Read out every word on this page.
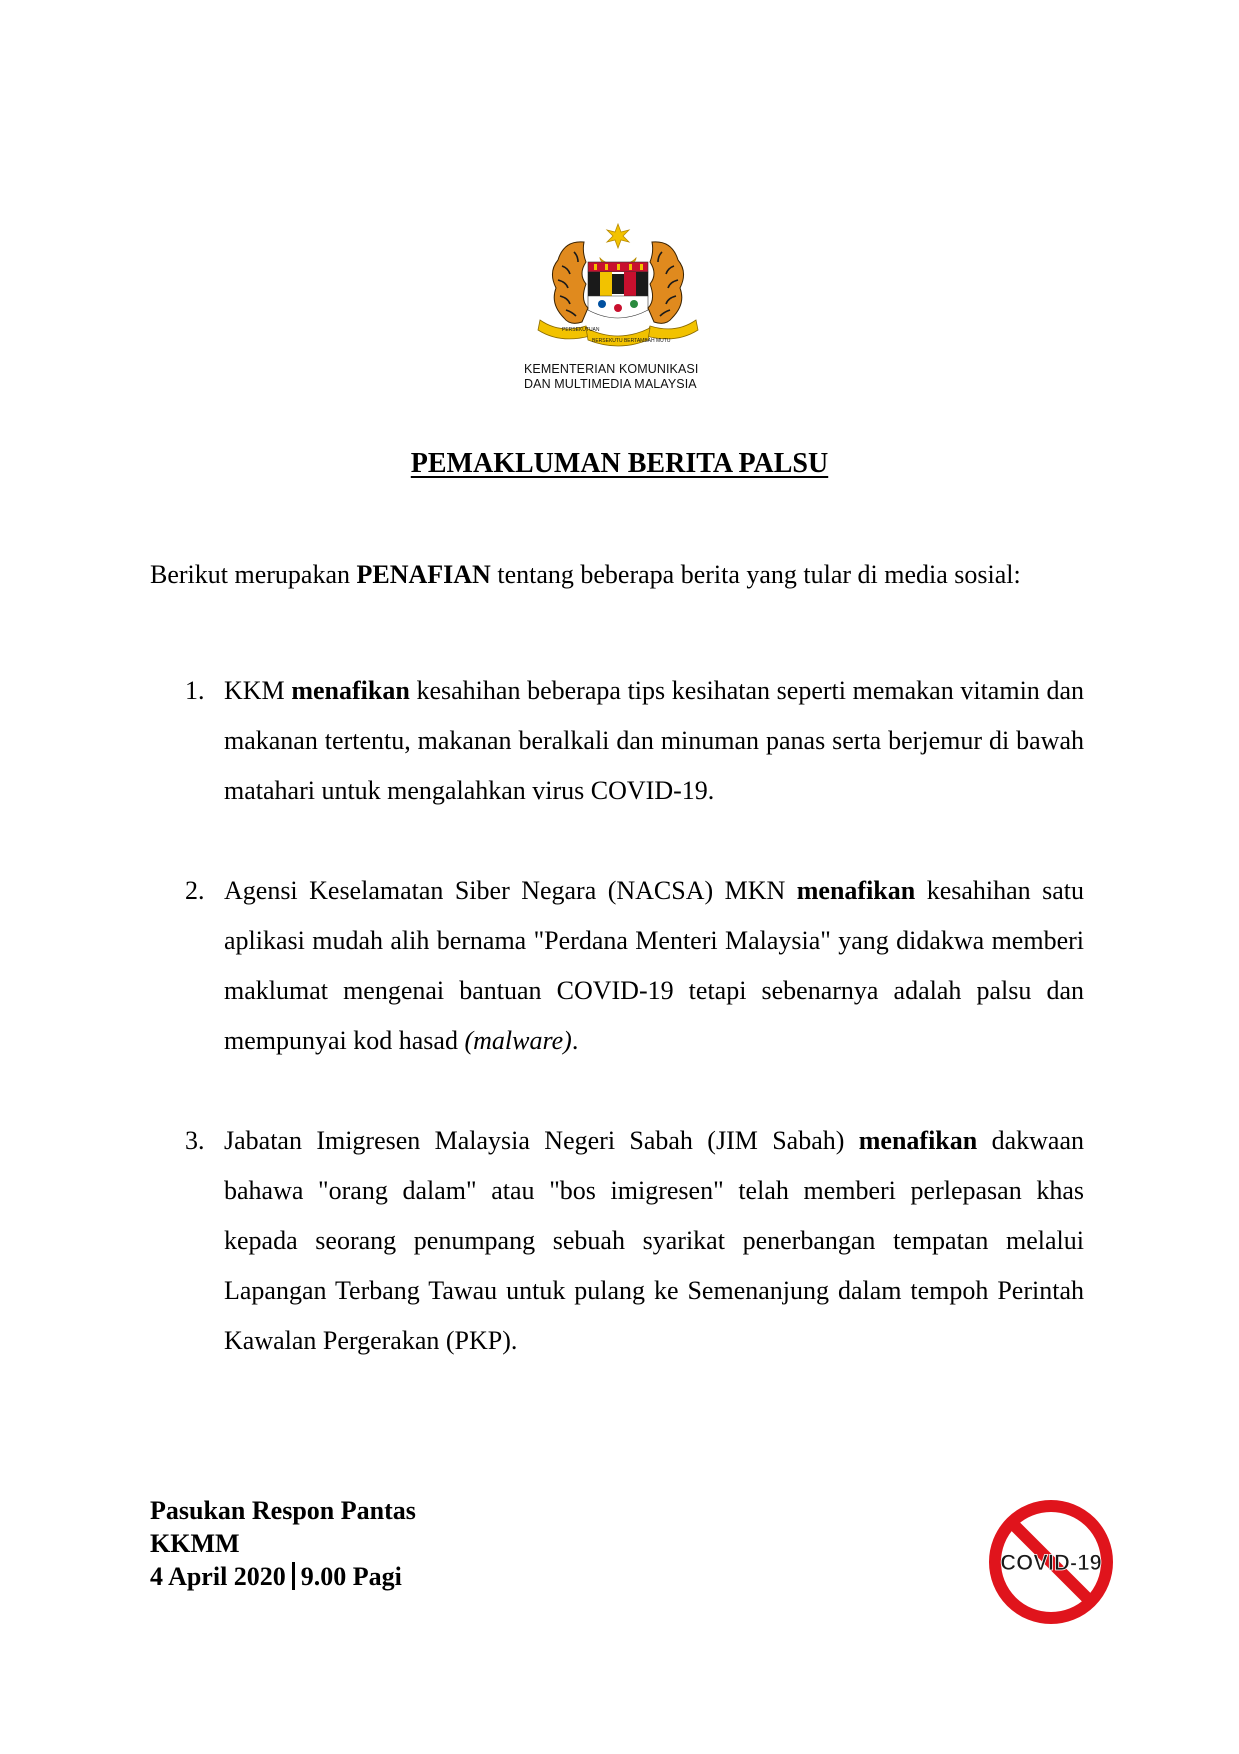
PERSEKUTUAN
BERSEKUTU BERTAMBAH MUTU
KEMENTERIAN KOMUNIKASI
DAN MULTIMEDIA MALAYSIA
PEMAKLUMAN BERITA PALSU
Berikut merupakan PENAFIAN tentang beberapa berita yang tular di media sosial:
1. KKM menafikan kesahihan beberapa tips kesihatan seperti memakan vitamin dan makanan tertentu, makanan beralkali dan minuman panas serta berjemur di bawah matahari untuk mengalahkan virus COVID-19.
2. Agensi Keselamatan Siber Negara (NACSA) MKN menafikan kesahihan satu aplikasi mudah alih bernama "Perdana Menteri Malaysia" yang didakwa memberi maklumat mengenai bantuan COVID-19 tetapi sebenarnya adalah palsu dan mempunyai kod hasad (malware).
3. Jabatan Imigresen Malaysia Negeri Sabah (JIM Sabah) menafikan dakwaan bahawa "orang dalam" atau "bos imigresen" telah memberi perlepasan khas kepada seorang penumpang sebuah syarikat penerbangan tempatan melalui Lapangan Terbang Tawau untuk pulang ke Semenanjung dalam tempoh Perintah Kawalan Pergerakan (PKP).
Pasukan Respon Pantas
KKMM
4 April 2020 9.00 Pagi	COVID-19
